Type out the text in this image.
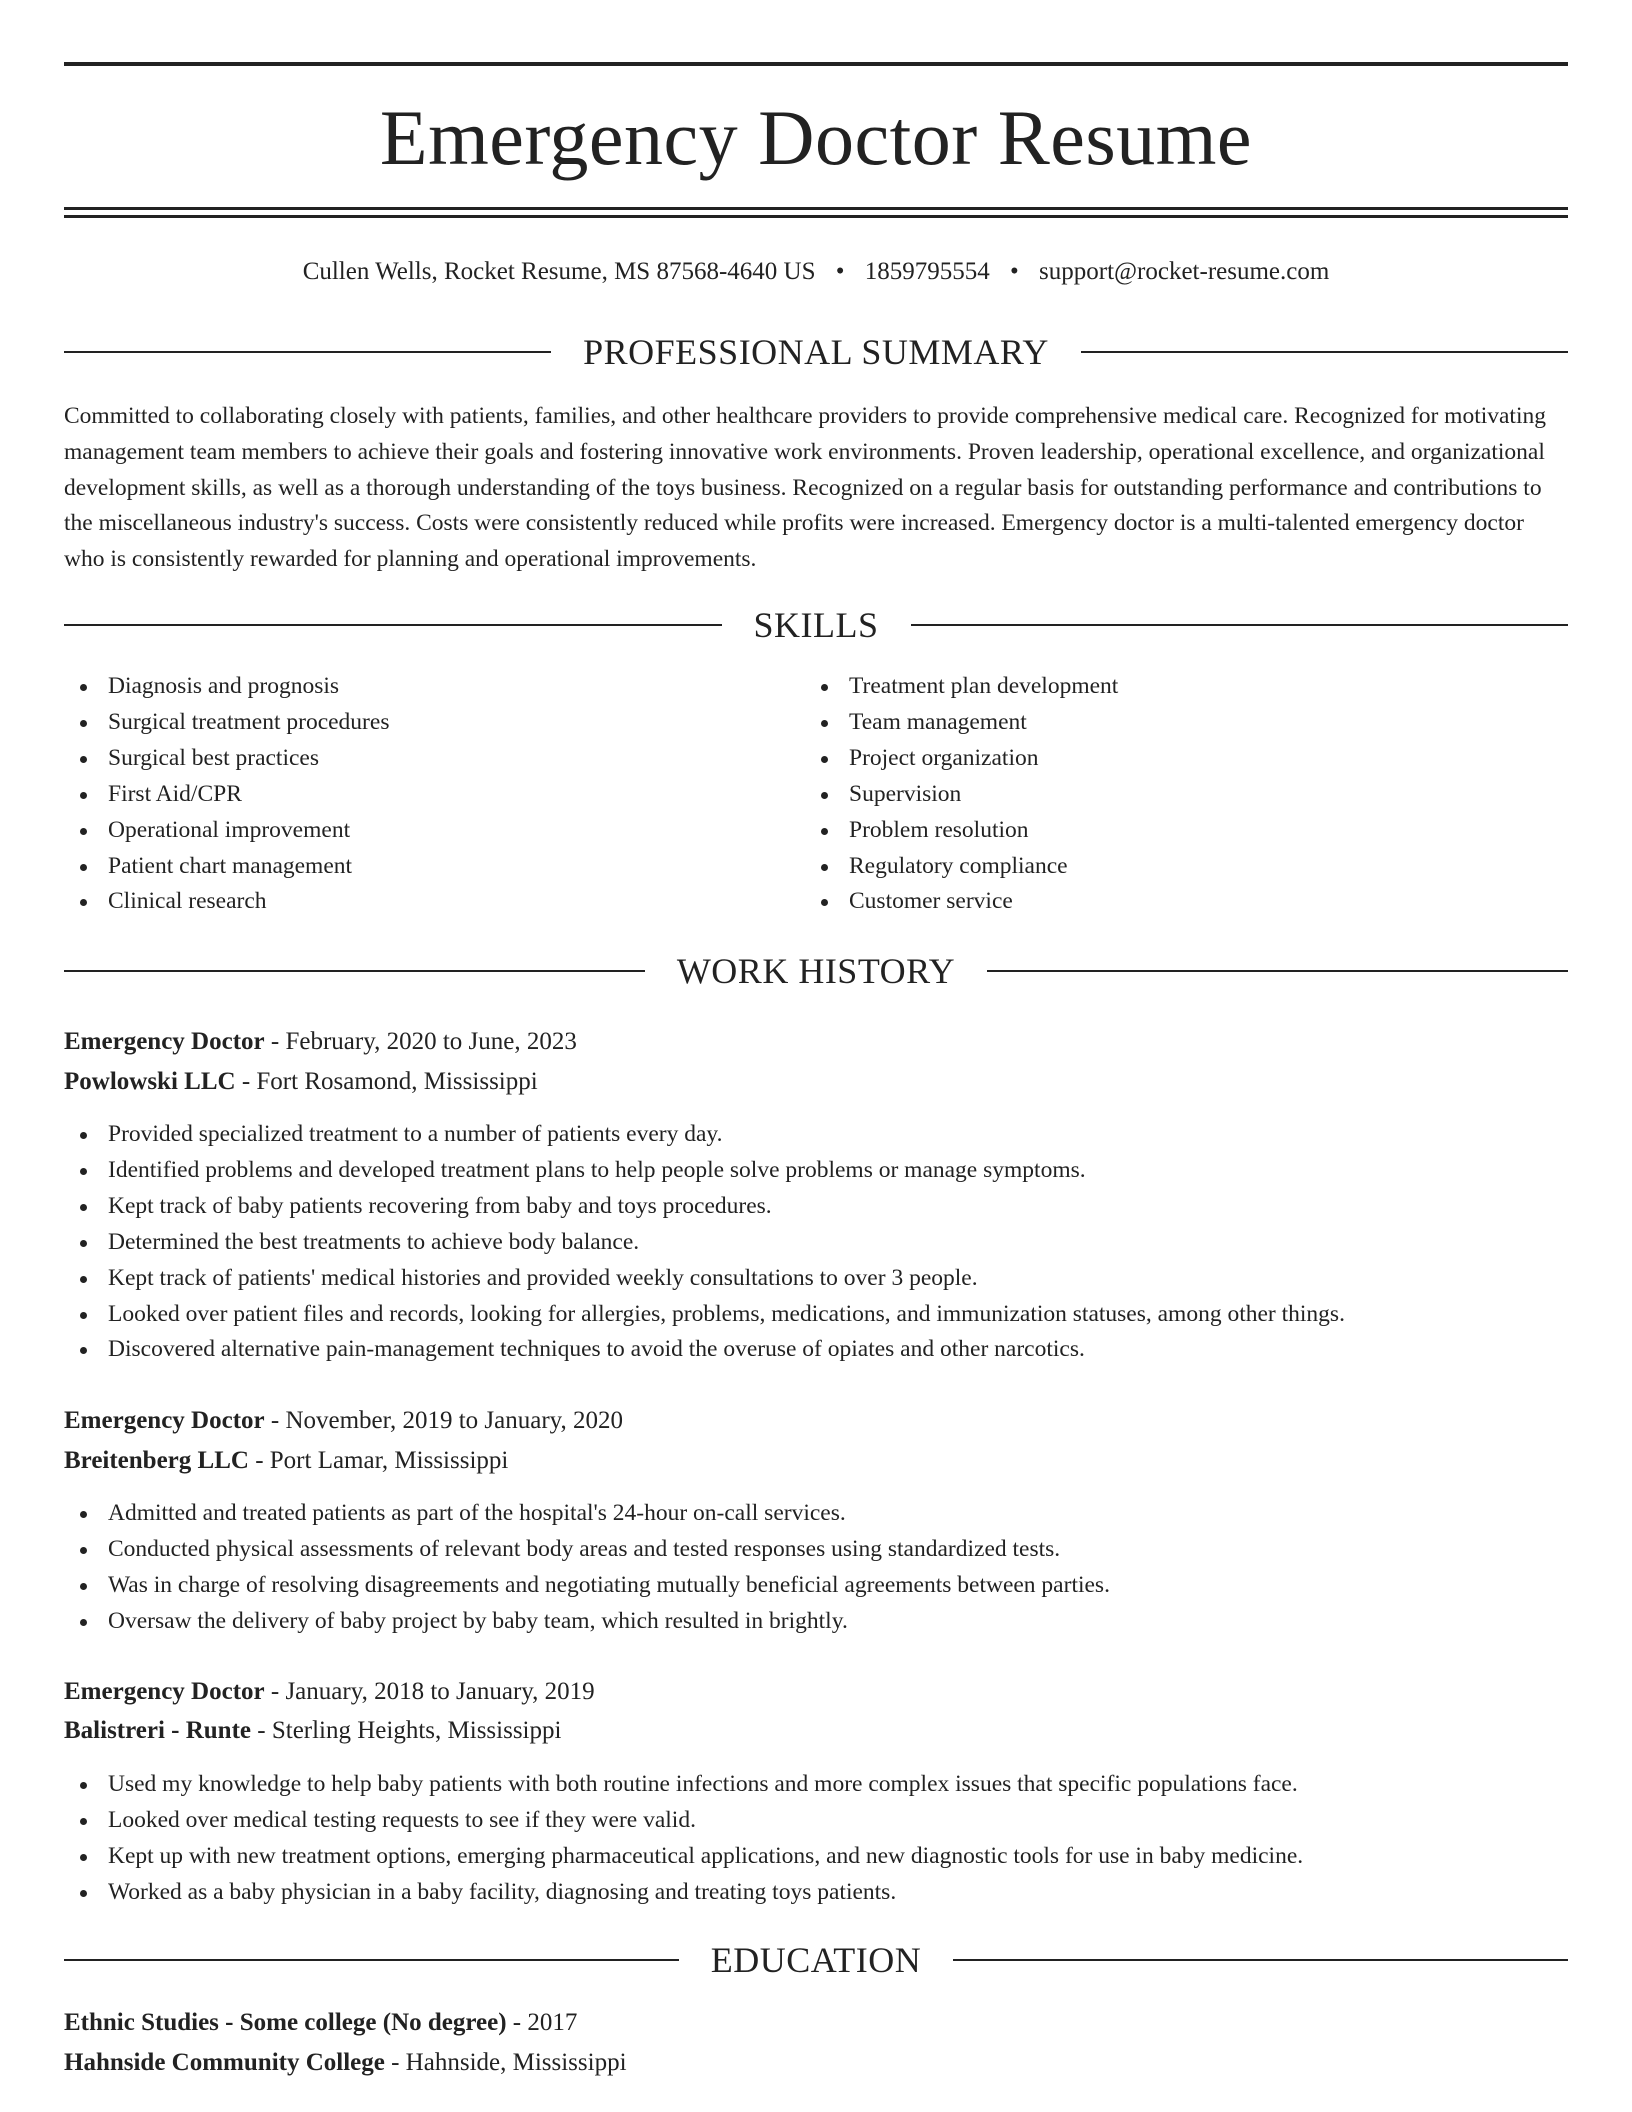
Emergency Doctor Resume
Cullen Wells, Rocket Resume, MS 87568-4640 US • 1859795554 • support@rocket-resume.com
PROFESSIONAL SUMMARY

Committed to collaborating closely with patients, families, and other healthcare providers to provide comprehensive medical care. Recognized for motivating management team members to achieve their goals and fostering innovative work environments. Proven leadership, operational excellence, and organizational development skills, as well as a thorough understanding of the toys business. Recognized on a regular basis for outstanding performance and contributions to the miscellaneous industry's success. Costs were consistently reduced while profits were increased. Emergency doctor is a multi-talented emergency doctor who is consistently rewarded for planning and operational improvements.

SKILLS
Diagnosis and prognosis
Surgical treatment procedures
Surgical best practices
First Aid/CPR
Operational improvement
Patient chart management
Clinical research
Treatment plan development
Team management
Project organization
Supervision
Problem resolution
Regulatory compliance
Customer service
WORK HISTORY
Emergency Doctor - February, 2020 to June, 2023
Powlowski LLC - Fort Rosamond, Mississippi
Provided specialized treatment to a number of patients every day.
Identified problems and developed treatment plans to help people solve problems or manage symptoms.
Kept track of baby patients recovering from baby and toys procedures.
Determined the best treatments to achieve body balance.
Kept track of patients' medical histories and provided weekly consultations to over 3 people.
Looked over patient files and records, looking for allergies, problems, medications, and immunization statuses, among other things.
Discovered alternative pain-management techniques to avoid the overuse of opiates and other narcotics.
Emergency Doctor - November, 2019 to January, 2020
Breitenberg LLC - Port Lamar, Mississippi
Admitted and treated patients as part of the hospital's 24-hour on-call services.
Conducted physical assessments of relevant body areas and tested responses using standardized tests.
Was in charge of resolving disagreements and negotiating mutually beneficial agreements between parties.
Oversaw the delivery of baby project by baby team, which resulted in brightly.
Emergency Doctor - January, 2018 to January, 2019
Balistreri - Runte - Sterling Heights, Mississippi
Used my knowledge to help baby patients with both routine infections and more complex issues that specific populations face.
Looked over medical testing requests to see if they were valid.
Kept up with new treatment options, emerging pharmaceutical applications, and new diagnostic tools for use in baby medicine.
Worked as a baby physician in a baby facility, diagnosing and treating toys patients.
EDUCATION
Ethnic Studies - Some college (No degree) - 2017
Hahnside Community College - Hahnside, Mississippi
